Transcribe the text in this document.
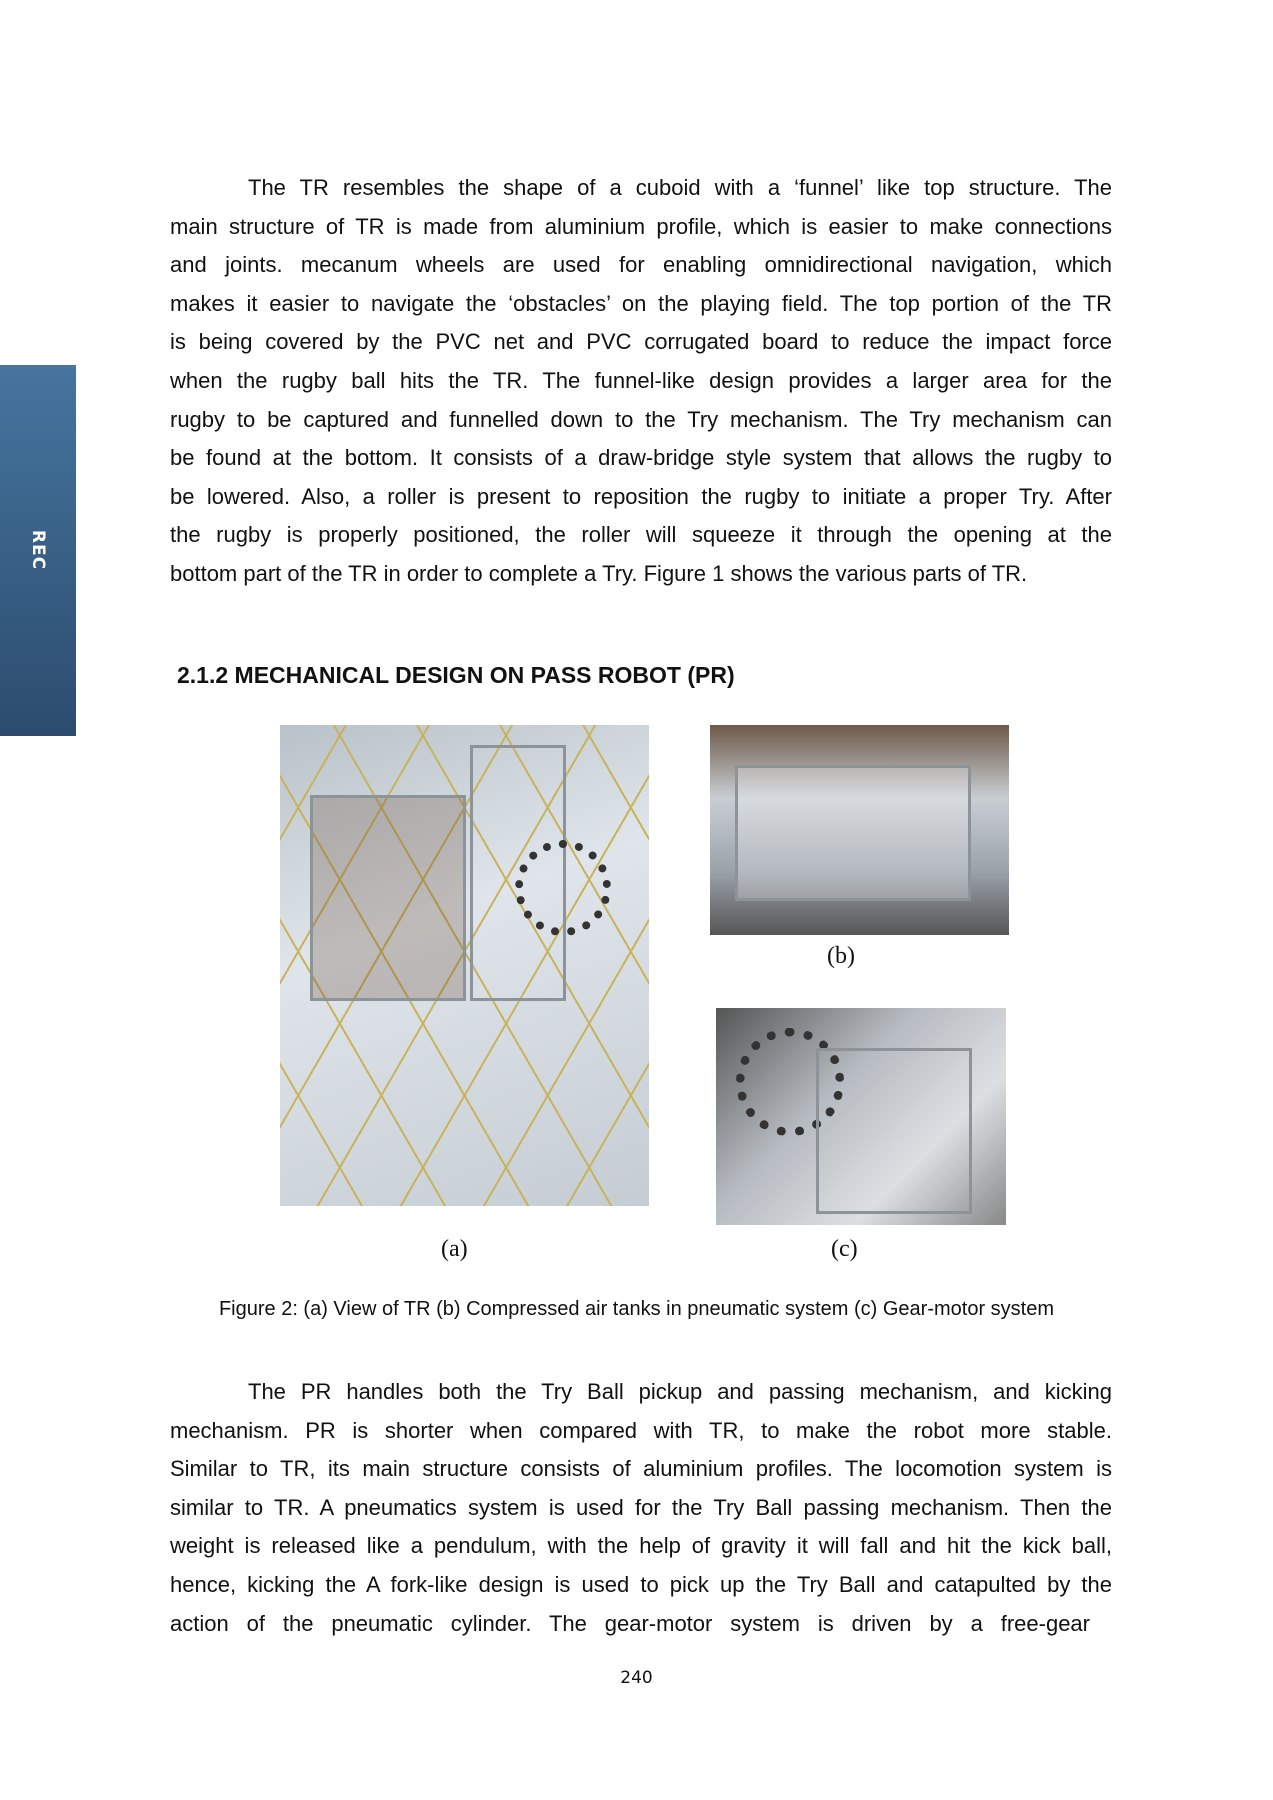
REC
The TR resembles the shape of a cuboid with a ‘funnel’ like top structure. The
main structure of TR is made from aluminium profile, which is easier to make connections
and joints. mecanum wheels are used for enabling omnidirectional navigation, which
makes it easier to navigate the ‘obstacles’ on the playing field. The top portion of the TR
is being covered by the PVC net and PVC corrugated board to reduce the impact force
when the rugby ball hits the TR. The funnel-like design provides a larger area for the
rugby to be captured and funnelled down to the Try mechanism. The Try mechanism can
be found at the bottom. It consists of a draw-bridge style system that allows the rugby to
be lowered. Also, a roller is present to reposition the rugby to initiate a proper Try. After
the rugby is properly positioned, the roller will squeeze it through the opening at the
bottom part of the TR in order to complete a Try. Figure 1 shows the various parts of TR.
2.1.2 MECHANICAL DESIGN ON PASS ROBOT (PR)
(a)
(b)
(c)
Figure 2: (a) View of TR (b) Compressed air tanks in pneumatic system (c) Gear-motor system
The PR handles both the Try Ball pickup and passing mechanism, and kicking
mechanism. PR is shorter when compared with TR, to make the robot more stable.
Similar to TR, its main structure consists of aluminium profiles. The locomotion system is
similar to TR. A pneumatics system is used for the Try Ball passing mechanism. Then the
weight is released like a pendulum, with the help of gravity it will fall and hit the kick ball,
hence, kicking the A fork-like design is used to pick up the Try Ball and catapulted by the
action of the pneumatic cylinder. The gear-motor system is driven by a free-gear
240
